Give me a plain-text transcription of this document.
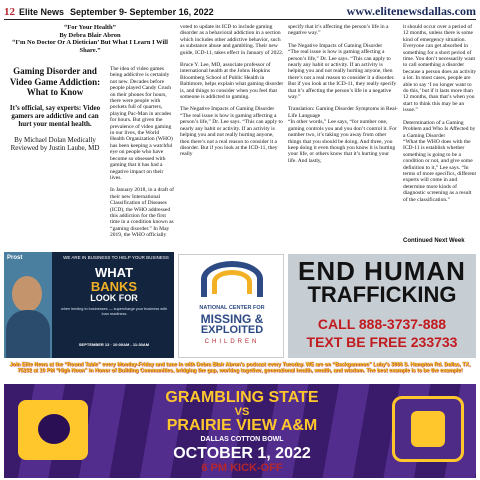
12 Elite News September 9- September 16, 2022	www.elitenewsdallas.com
“For Your Health”
By Debra Blair Abron
“I’m No Doctor Or A Dietician’ But What I Learn I Will Share.”
Gaming Disorder and Video Game Addiction: What to Know
It’s official, say experts: Video gamers are addictive and can hurt your mental health.
By Michael Dolan Medically Reviewed by Justin Laube, MD

The idea of video games being addictive is certainly not new. Decades before people played Candy Crush on their phones for hours, there were people with pockets full of quarters, playing Pac-Man in arcades for hours. But given the prevalence of video gaming in our lives, the World Health Organization (WHO) has been keeping a watchful eye on people who have become so obsessed with gaming that it has had a negative impact on their lives.

In January 2018, in a draft of their new International Classification of Diseases (ICD), the WHO addressed this addiction for the first time in a condition known as “gaming disorder.” In May 2019, the WHO officially

voted to update its ICD to include gaming disorder as a behavioral addiction in a section which includes other addictive behavior, such as substance abuse and gambling. Their new guide, ICD-11, takes effect in January of 2022.

Bruce Y. Lee, MD, associate professor of international health at the Johns Hopkins Bloomberg School of Public Health in Baltimore, helps explain what gaming disorder is, and things to consider when you feel that someone is addicted to gaming.

The Negative Impacts of Gaming Disorder
“The real issue is how is gaming affecting a person’s life,” Dr. Lee says. “This can apply to nearly any habit or activity. If an activity is helping you and not really hurting anyone, then there’s not a real reason to consider it a disorder. But if you look at the ICD-11, they really

specify that it’s affecting the person’s life in a negative way.”

The Negative Impacts of Gaming Disorder
“The real issue is how is gaming affecting a person’s life,” Dr. Lee says. “This can apply to nearly any habit or activity. If an activity is helping you and not really hurting anyone, then there’s not a real reason to consider it a disorder. But if you look at the ICD-11, they really specify that it’s affecting the person’s life in a negative way.”

Translation: Gaming Disorder Symptoms in Real-Life Language
“In other words,” Lee says, “for number one, gaming controls you and you don’t control it. For number two, it’s taking you away from other things that you should be doing. And three, you keep doing it even though you know it is hurting your life, or others know that it’s hurting your life. And lastly,

it should occur over a period of 12 months, unless there is some kind of emergency situation. Everyone can get absorbed in something for a short period of time. You don’t necessarily want to call something a disorder because a person does an activity a lot. In most cases, people are able to say ‘I no longer want to do this,’ but if it lasts more than 12 months, than that’s when you start to think this may be an issue.”

Determination of a Gaming Problem and Who Is Affected by a Gaming Disorder
“What the WHO does with the ICD-11 is establish whether something is going to be a condition or not, and give some definition to it,” Lee says. “In terms of more specifics, different experts will come in and determine more kinds of diagnostic screening as a result of the classification.”

Continued Next Week
Prost	WE ARE IN BUSINESS TO HELP YOUR BUSINESS
WHAT
BANKS
LOOK FOR
when lending to businesses — supercharge your business with loan readiness
SEPTEMBER 13 · 10:00AM - 11:30AM
NATIONAL CENTER FOR
MISSING &
EXPLOITED
CHILDREN
END HUMAN
TRAFFICKING
CALL 888-3737-888
TEXT BE FREE 233733
Join Elite News at the “Round Table” every Monday-Friday and tune in with Debra Blair Abron’s podcast every Tuesday. WE are on “Backgammon” Luby’s 3066 S. Hampton Rd. Dallas, TX, 75232 at 10 PM “High Noon” in Honor of Building Communities, bridging the gap, working together, generational health, wealth, and wisdom. The best example is to be the example!
GRAMBLING STATE
VS
PRAIRIE VIEW A&M
DALLAS COTTON BOWL
OCTOBER 1, 2022
6 PM KICK-OFF
